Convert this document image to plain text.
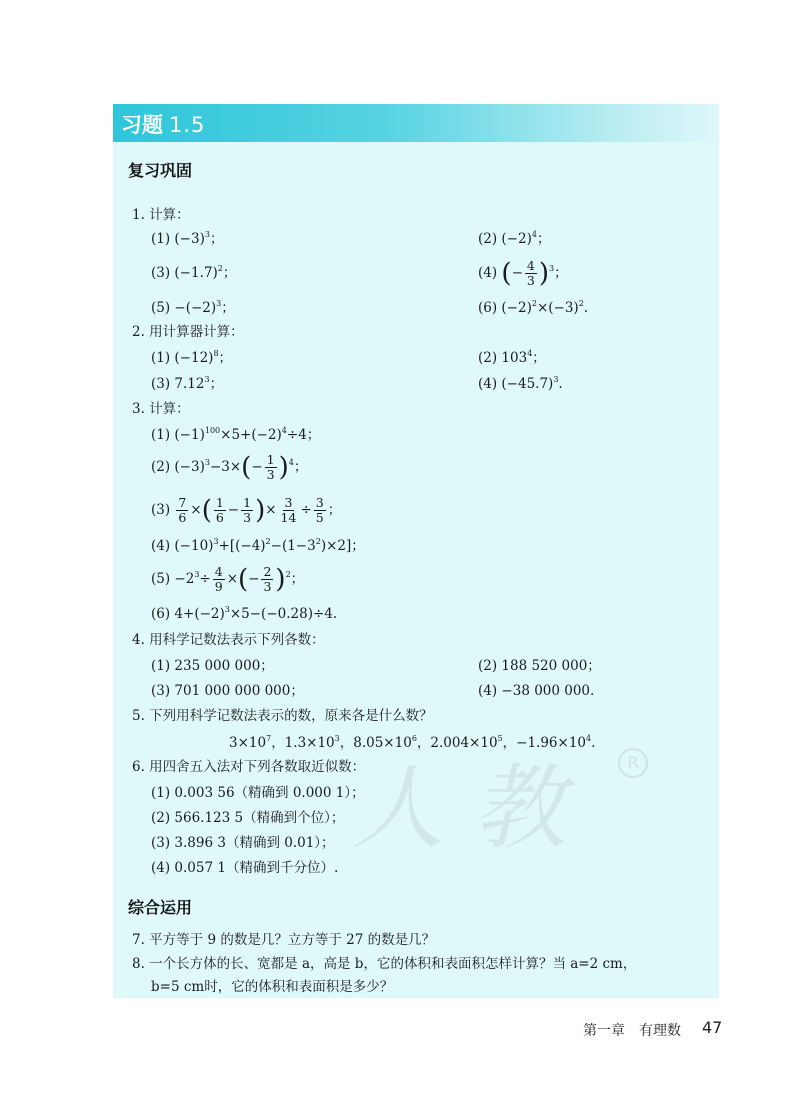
习题 1.5
复习巩固
1. 计算：
(1) $(-3)^3$；	(2) $(-2)^4$；
(3) $(-1.7)^2$；	(4) (− $\frac{4}{3} )^3$；
$(5) -(-2)^3$；	(6) $(-2)^2\times(-3)^2$.
2. 用计算器计算：
(1) $(-12)^8$；	(2) $103^4$；
(3) 7.12$^3$；	(4) $(-45.7)^3$.
3. 计算：
(1) $(-1)^{100}\times 5+(-2)^4\div 4$；
(2) $(-3)^3-3\times(- \frac{1}{3} )^4$；
$(3) \frac{7}{6}$ ×( $\frac{1}{6} - \frac{1}{3}$ )× $\frac{3}{14} \div \frac{3}{5}$ ；
(4) $(-10)^3+[(-4)^2-(1-3^2)\times 2]$；
$(5) -2^3\div \frac{4}{9}$ ×(− $\frac{2}{3} )^2$；
(6) $4+(-2)^3\times 5-(-0.28)\div 4$.
4. 用科学记数法表示下列各数：
(1) 235 000 000；	(2) 188 520 000；
(3) 701 000 000 000；	(4) −38 000 000.
5. 下列用科学记数法表示的数，原来各是什么数？
$3\times 10^7$，$1.3\times 10^3$，$8.05\times 10^6$，$2.004\times 10^5$，$-1.96\times 10^4$.
6. 用四舍五入法对下列各数取近似数：
(1) 0.003 56（精确到 0.000 1）；
(2) 566.123 5（精确到个位）；
(3) 3.896 3（精确到 0.01）；
(4) 0.057 1（精确到千分位）.
人教 R
综合运用
7. 平方等于 9 的数是几？立方等于 27 的数是几？
8. 一个长方体的长、宽都是 a，高是 b，它的体积和表面积怎样计算？当 a=2 cm，
b=5 cm时，它的体积和表面积是多少？
第一章　有理数 47
